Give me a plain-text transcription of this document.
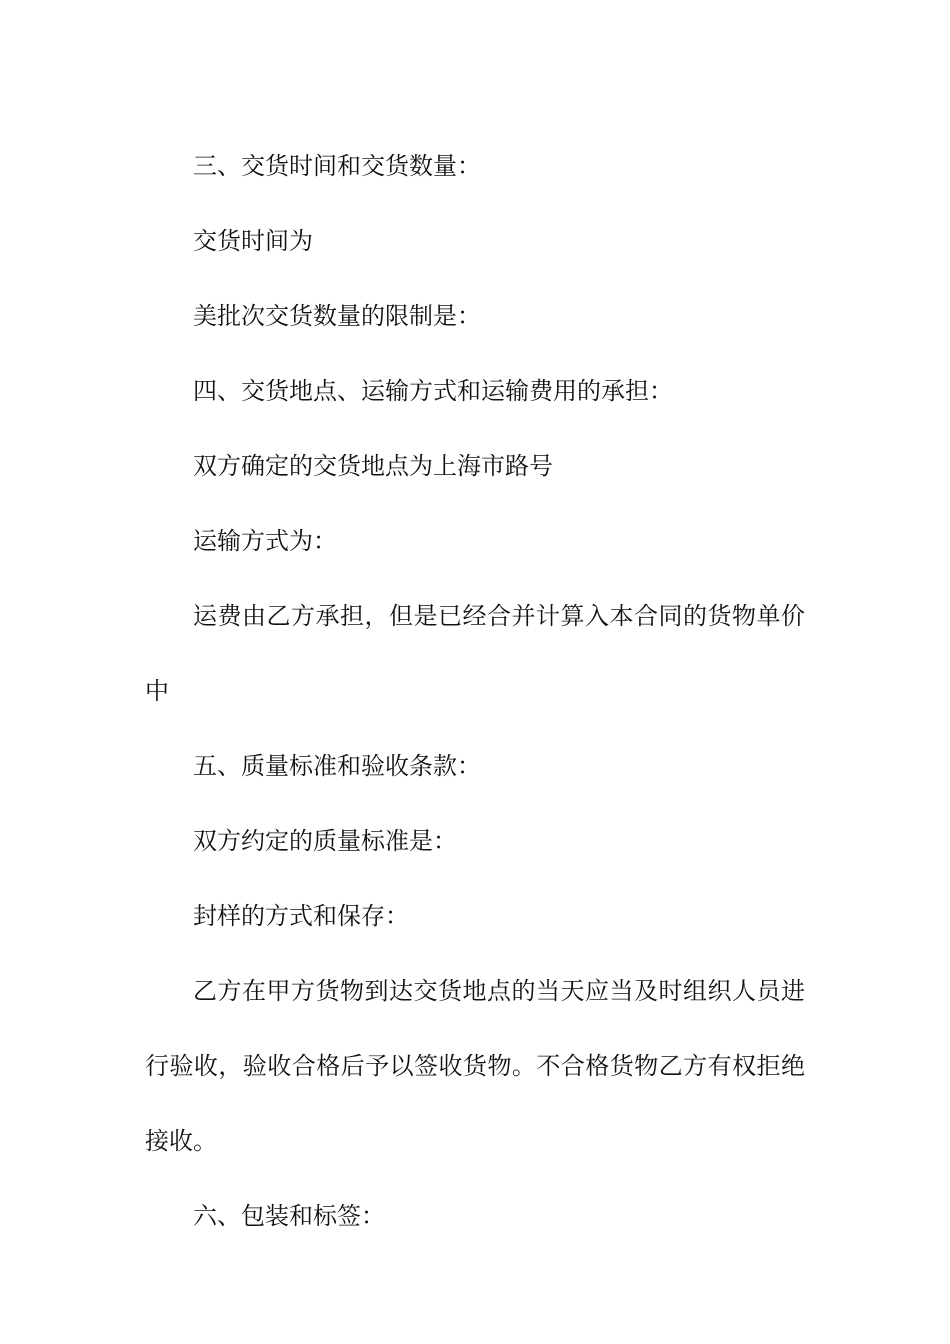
三、交货时间和交货数量：

交货时间为

美批次交货数量的限制是：

四、交货地点、运输方式和运输费用的承担：

双方确定的交货地点为上海市路号

运输方式为：

运费由乙方承担，但是已经合并计算入本合同的货物单价中

五、质量标准和验收条款：

双方约定的质量标准是：

封样的方式和保存：

乙方在甲方货物到达交货地点的当天应当及时组织人员进行验收，验收合格后予以签收货物。不合格货物乙方有权拒绝接收。

六、包装和标签：
